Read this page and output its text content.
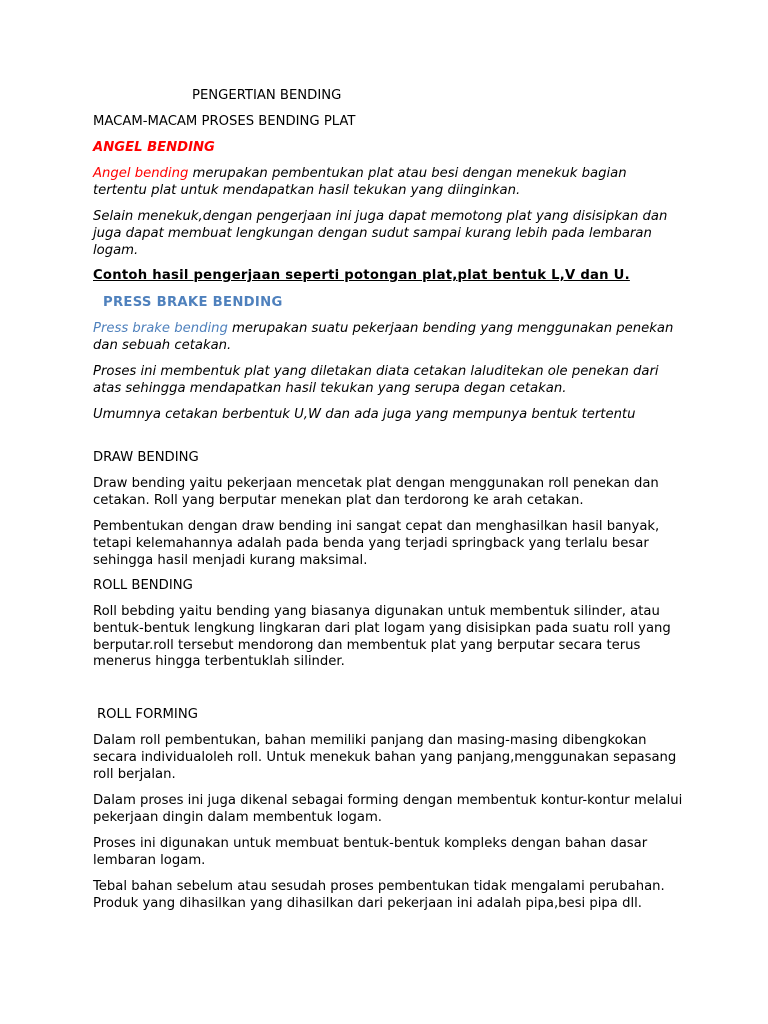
PENGERTIAN BENDING

MACAM-MACAM PROSES BENDING PLAT

ANGEL BENDING

Angel bending merupakan pembentukan plat atau besi dengan menekuk bagian tertentu plat untuk mendapatkan hasil tekukan yang diinginkan.

Selain menekuk,dengan pengerjaan ini juga dapat memotong plat yang disisipkan dan juga dapat membuat lengkungan dengan sudut sampai kurang lebih pada lembaran logam.

Contoh hasil pengerjaan seperti potongan plat,plat bentuk L,V dan U.

PRESS BRAKE BENDING

Press brake bending merupakan suatu pekerjaan bending yang menggunakan penekan dan sebuah cetakan.

Proses ini membentuk plat yang diletakan diata cetakan laluditekan ole penekan dari atas sehingga mendapatkan hasil tekukan yang serupa degan cetakan.

Umumnya cetakan berbentuk U,W dan ada juga yang mempunya bentuk tertentu

DRAW BENDING

Draw bending yaitu pekerjaan mencetak plat dengan menggunakan roll penekan dan cetakan. Roll yang berputar menekan plat dan terdorong ke arah cetakan.

Pembentukan dengan draw bending ini sangat cepat dan menghasilkan hasil banyak, tetapi kelemahannya adalah pada benda yang terjadi springback yang terlalu besar sehingga hasil menjadi kurang maksimal.

ROLL BENDING

Roll bebding yaitu bending yang biasanya digunakan untuk membentuk silinder, atau bentuk-bentuk lengkung lingkaran dari plat logam yang disisipkan pada suatu roll yang berputar.roll tersebut mendorong dan membentuk plat yang berputar secara terus menerus hingga terbentuklah silinder.

ROLL FORMING

Dalam roll pembentukan, bahan memiliki panjang dan masing-masing dibengkokan secara individualoleh roll. Untuk menekuk bahan yang panjang,menggunakan sepasang roll berjalan.

Dalam proses ini juga dikenal sebagai forming dengan membentuk kontur-kontur melalui pekerjaan dingin dalam membentuk logam.

Proses ini digunakan untuk membuat bentuk-bentuk kompleks dengan bahan dasar lembaran logam.

Tebal bahan sebelum atau sesudah proses pembentukan tidak mengalami perubahan. Produk yang dihasilkan yang dihasilkan dari pekerjaan ini adalah pipa,besi pipa dll.
